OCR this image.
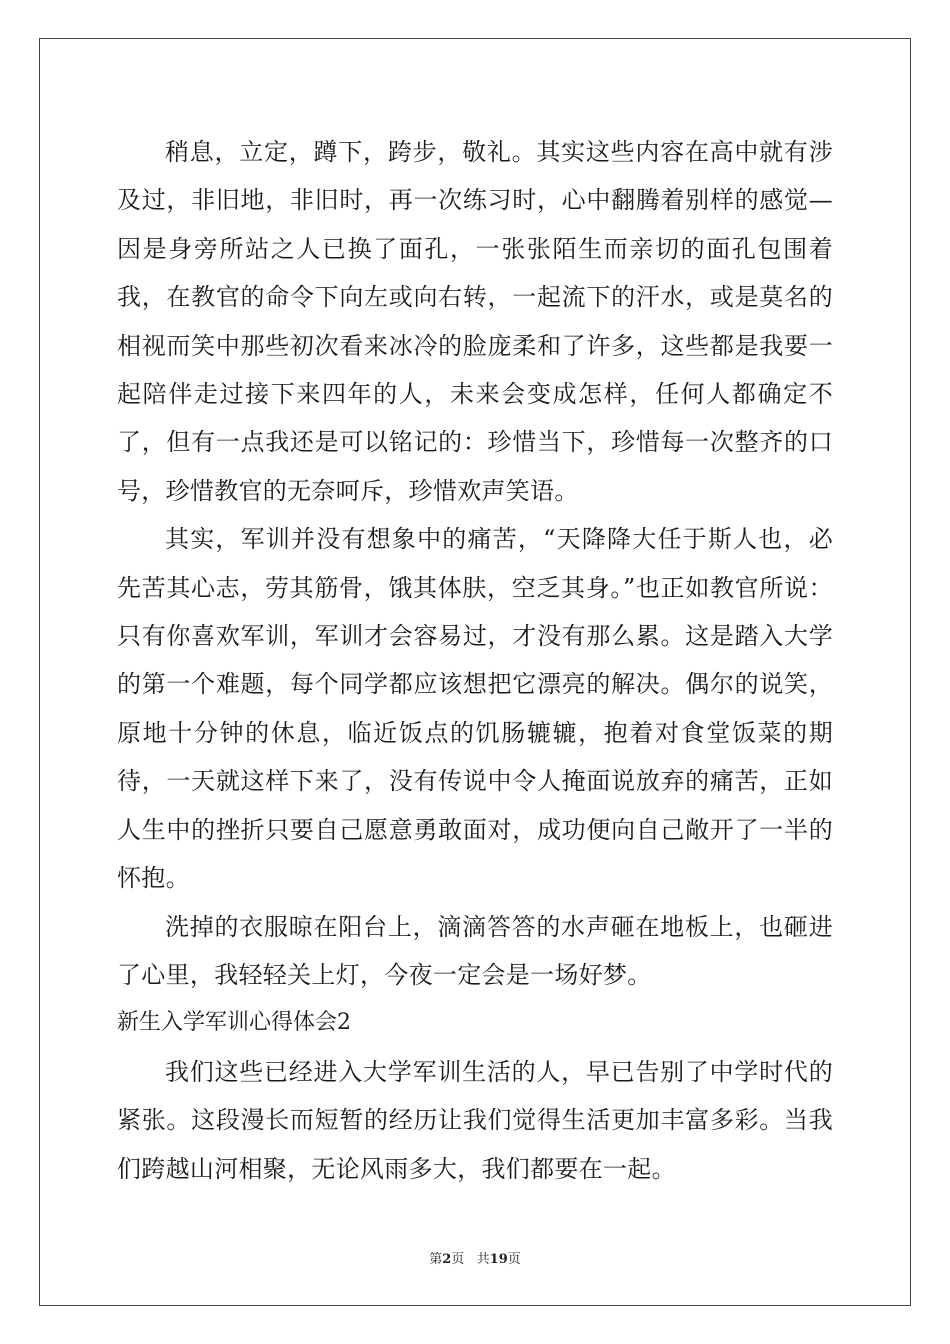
稍息，立定，蹲下，跨步，敬礼。其实这些内容在高中就有涉及过，非旧地，非旧时，再一次练习时，心中翻腾着别样的感觉—因是身旁所站之人已换了面孔，一张张陌生而亲切的面孔包围着我，在教官的命令下向左或向右转，一起流下的汗水，或是莫名的相视而笑中那些初次看来冰冷的脸庞柔和了许多，这些都是我要一起陪伴走过接下来四年的人，未来会变成怎样，任何人都确定不了，但有一点我还是可以铭记的：珍惜当下，珍惜每一次整齐的口号，珍惜教官的无奈呵斥，珍惜欢声笑语。

其实，军训并没有想象中的痛苦，“天降降大任于斯人也，必先苦其心志，劳其筋骨，饿其体肤，空乏其身。”也正如教官所说：只有你喜欢军训，军训才会容易过，才没有那么累。这是踏入大学的第一个难题，每个同学都应该想把它漂亮的解决。偶尔的说笑，原地十分钟的休息，临近饭点的饥肠辘辘，抱着对食堂饭菜的期待，一天就这样下来了，没有传说中令人掩面说放弃的痛苦，正如人生中的挫折只要自己愿意勇敢面对，成功便向自己敞开了一半的怀抱。

洗掉的衣服晾在阳台上，滴滴答答的水声砸在地板上，也砸进了心里，我轻轻关上灯，今夜一定会是一场好梦。

新生入学军训心得体会2

我们这些已经进入大学军训生活的人，早已告别了中学时代的紧张。这段漫长而短暂的经历让我们觉得生活更加丰富多彩。当我们跨越山河相聚，无论风雨多大，我们都要在一起。

第2页   共19页
